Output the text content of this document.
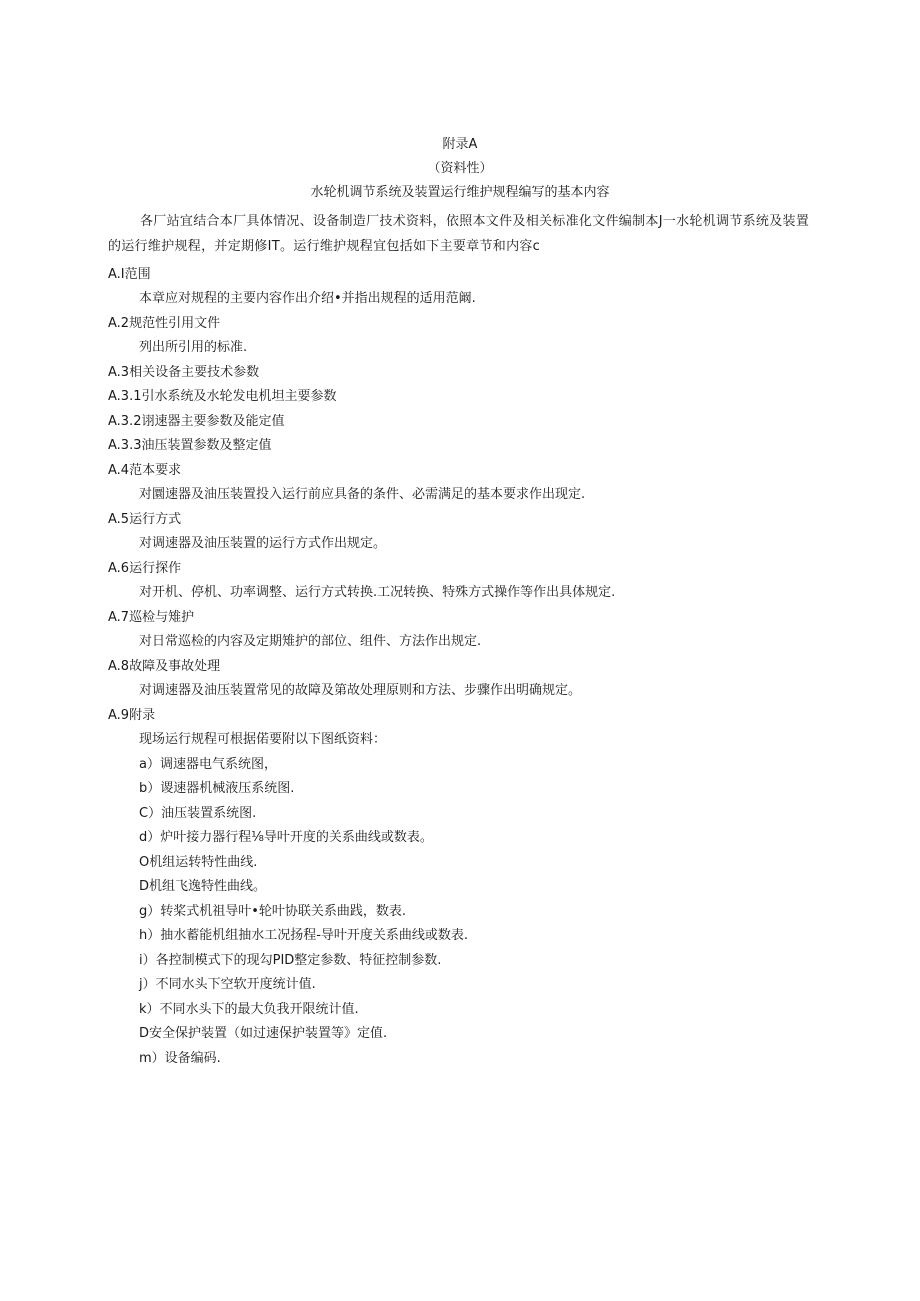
附录A
（资料性）
水轮机调节系统及装置运行维护规程编写的基本内容
各厂站宜结合本厂具体情况、设备制造厂技术资料，依照本文件及相关标准化文件编制本J一水轮机调节系统及装置的运行维护规程，并定期修IT。运行维护规程宜包括如下主要章节和内容c
A.I范围
本章应对规程的主要内容作出介绍•并指出规程的适用范阚.
A.2规范性引用文件
列出所引用的标准.
A.3相关设备主要技术参数
A.3.1引水系统及水轮发电机坦主要参数
A.3.2诩速器主要参数及能定值
A.3.3油压装置参数及整定值
A.4范本要求
对圜速器及油压装置投入运行前应具备的条件、必需满足的基本要求作出现定.
A.5运行方式
对调速器及油压装置的运行方式作出规定。
A.6运行探作
对开机、停机、功率调整、运行方式转换.工况转换、特殊方式操作等作出具体规定.
A.7巡检与雉护
对日常巡检的内容及定期雉护的部位、组件、方法作出规定.
A.8故障及事故处理
对调速器及油压装置常见的故障及第故处理原则和方法、步骤作出明确规定。
A.9附录
现场运行规程可根据偌要附以下图纸资料：
a）调速器电气系统图，
b）谡速器机械液压系统图.
C）油压装置系统图.
d）炉叶接力器行程⅛导叶开度的关系曲线或数表。
O机组运转特性曲线.
D机组飞逸特性曲线。
g）转桨式机祖导叶•轮叶协联关系曲践，数表.
h）抽水蓄能机组抽水工况扬程-导叶开度关系曲线或数表.
i）各控制模式下的现勾PID整定参数、特征控制参数.
j）不同水头下空软开度统计值.
k）不同水头下的最大负我开限统计值.
D安全保护装置（如过速保护装置等》定值.
m）设备编码.
